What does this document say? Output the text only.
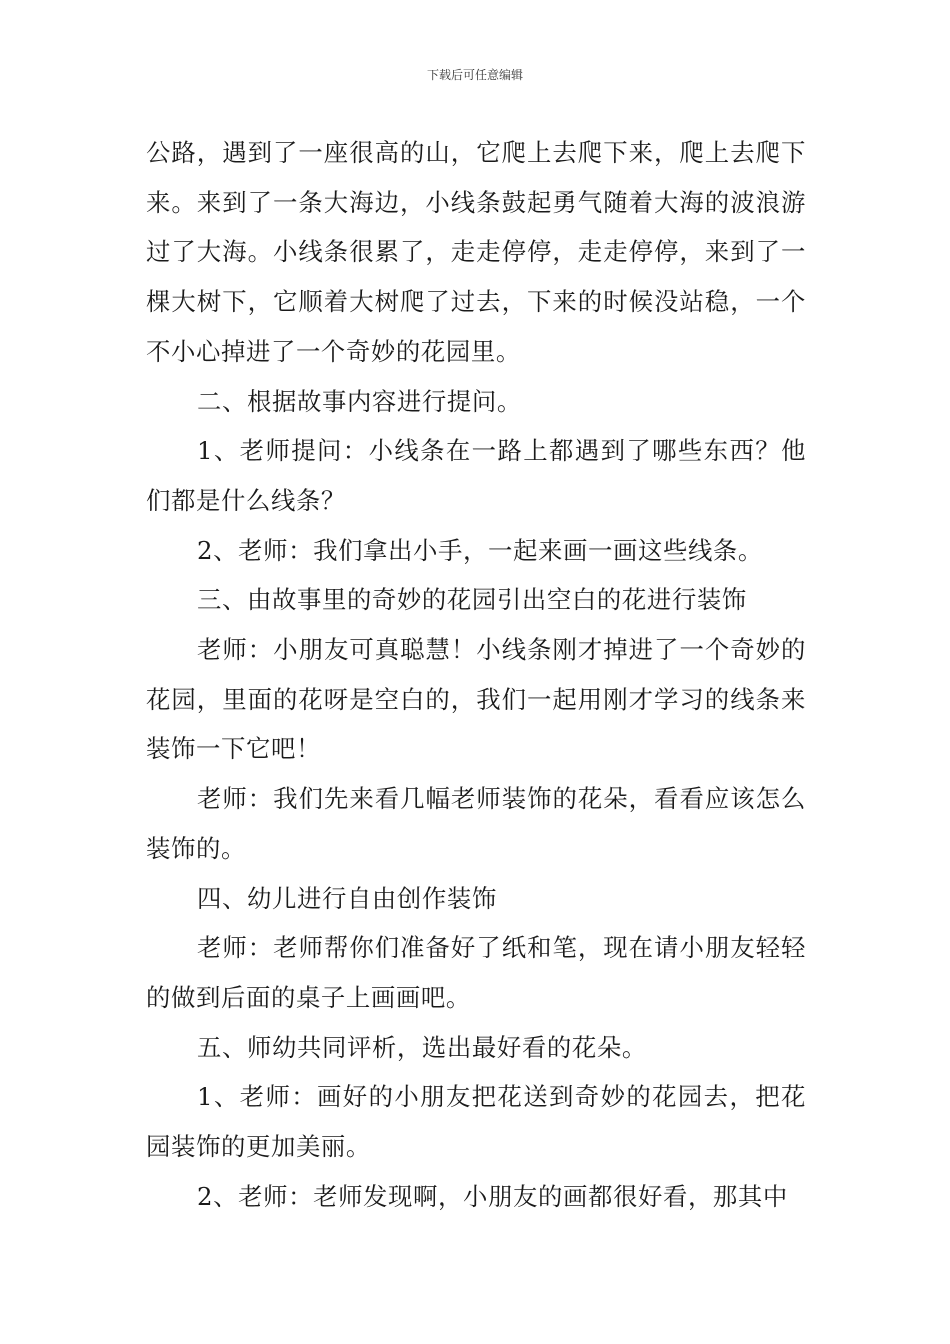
下载后可任意编辑

公路，遇到了一座很高的山，它爬上去爬下来，爬上去爬下来。来到了一条大海边，小线条鼓起勇气随着大海的波浪游过了大海。小线条很累了，走走停停，走走停停，来到了一棵大树下，它顺着大树爬了过去，下来的时候没站稳，一个不小心掉进了一个奇妙的花园里。

二、根据故事内容进行提问。

1、老师提问：小线条在一路上都遇到了哪些东西？他们都是什么线条？

2、老师：我们拿出小手，一起来画一画这些线条。

三、由故事里的奇妙的花园引出空白的花进行装饰

老师：小朋友可真聪慧！小线条刚才掉进了一个奇妙的花园，里面的花呀是空白的，我们一起用刚才学习的线条来装饰一下它吧！

老师：我们先来看几幅老师装饰的花朵，看看应该怎么装饰的。

四、幼儿进行自由创作装饰

老师：老师帮你们准备好了纸和笔，现在请小朋友轻轻的做到后面的桌子上画画吧。

五、师幼共同评析，选出最好看的花朵。

1、老师：画好的小朋友把花送到奇妙的花园去，把花园装饰的更加美丽。

2、老师：老师发现啊，小朋友的画都很好看，那其中
